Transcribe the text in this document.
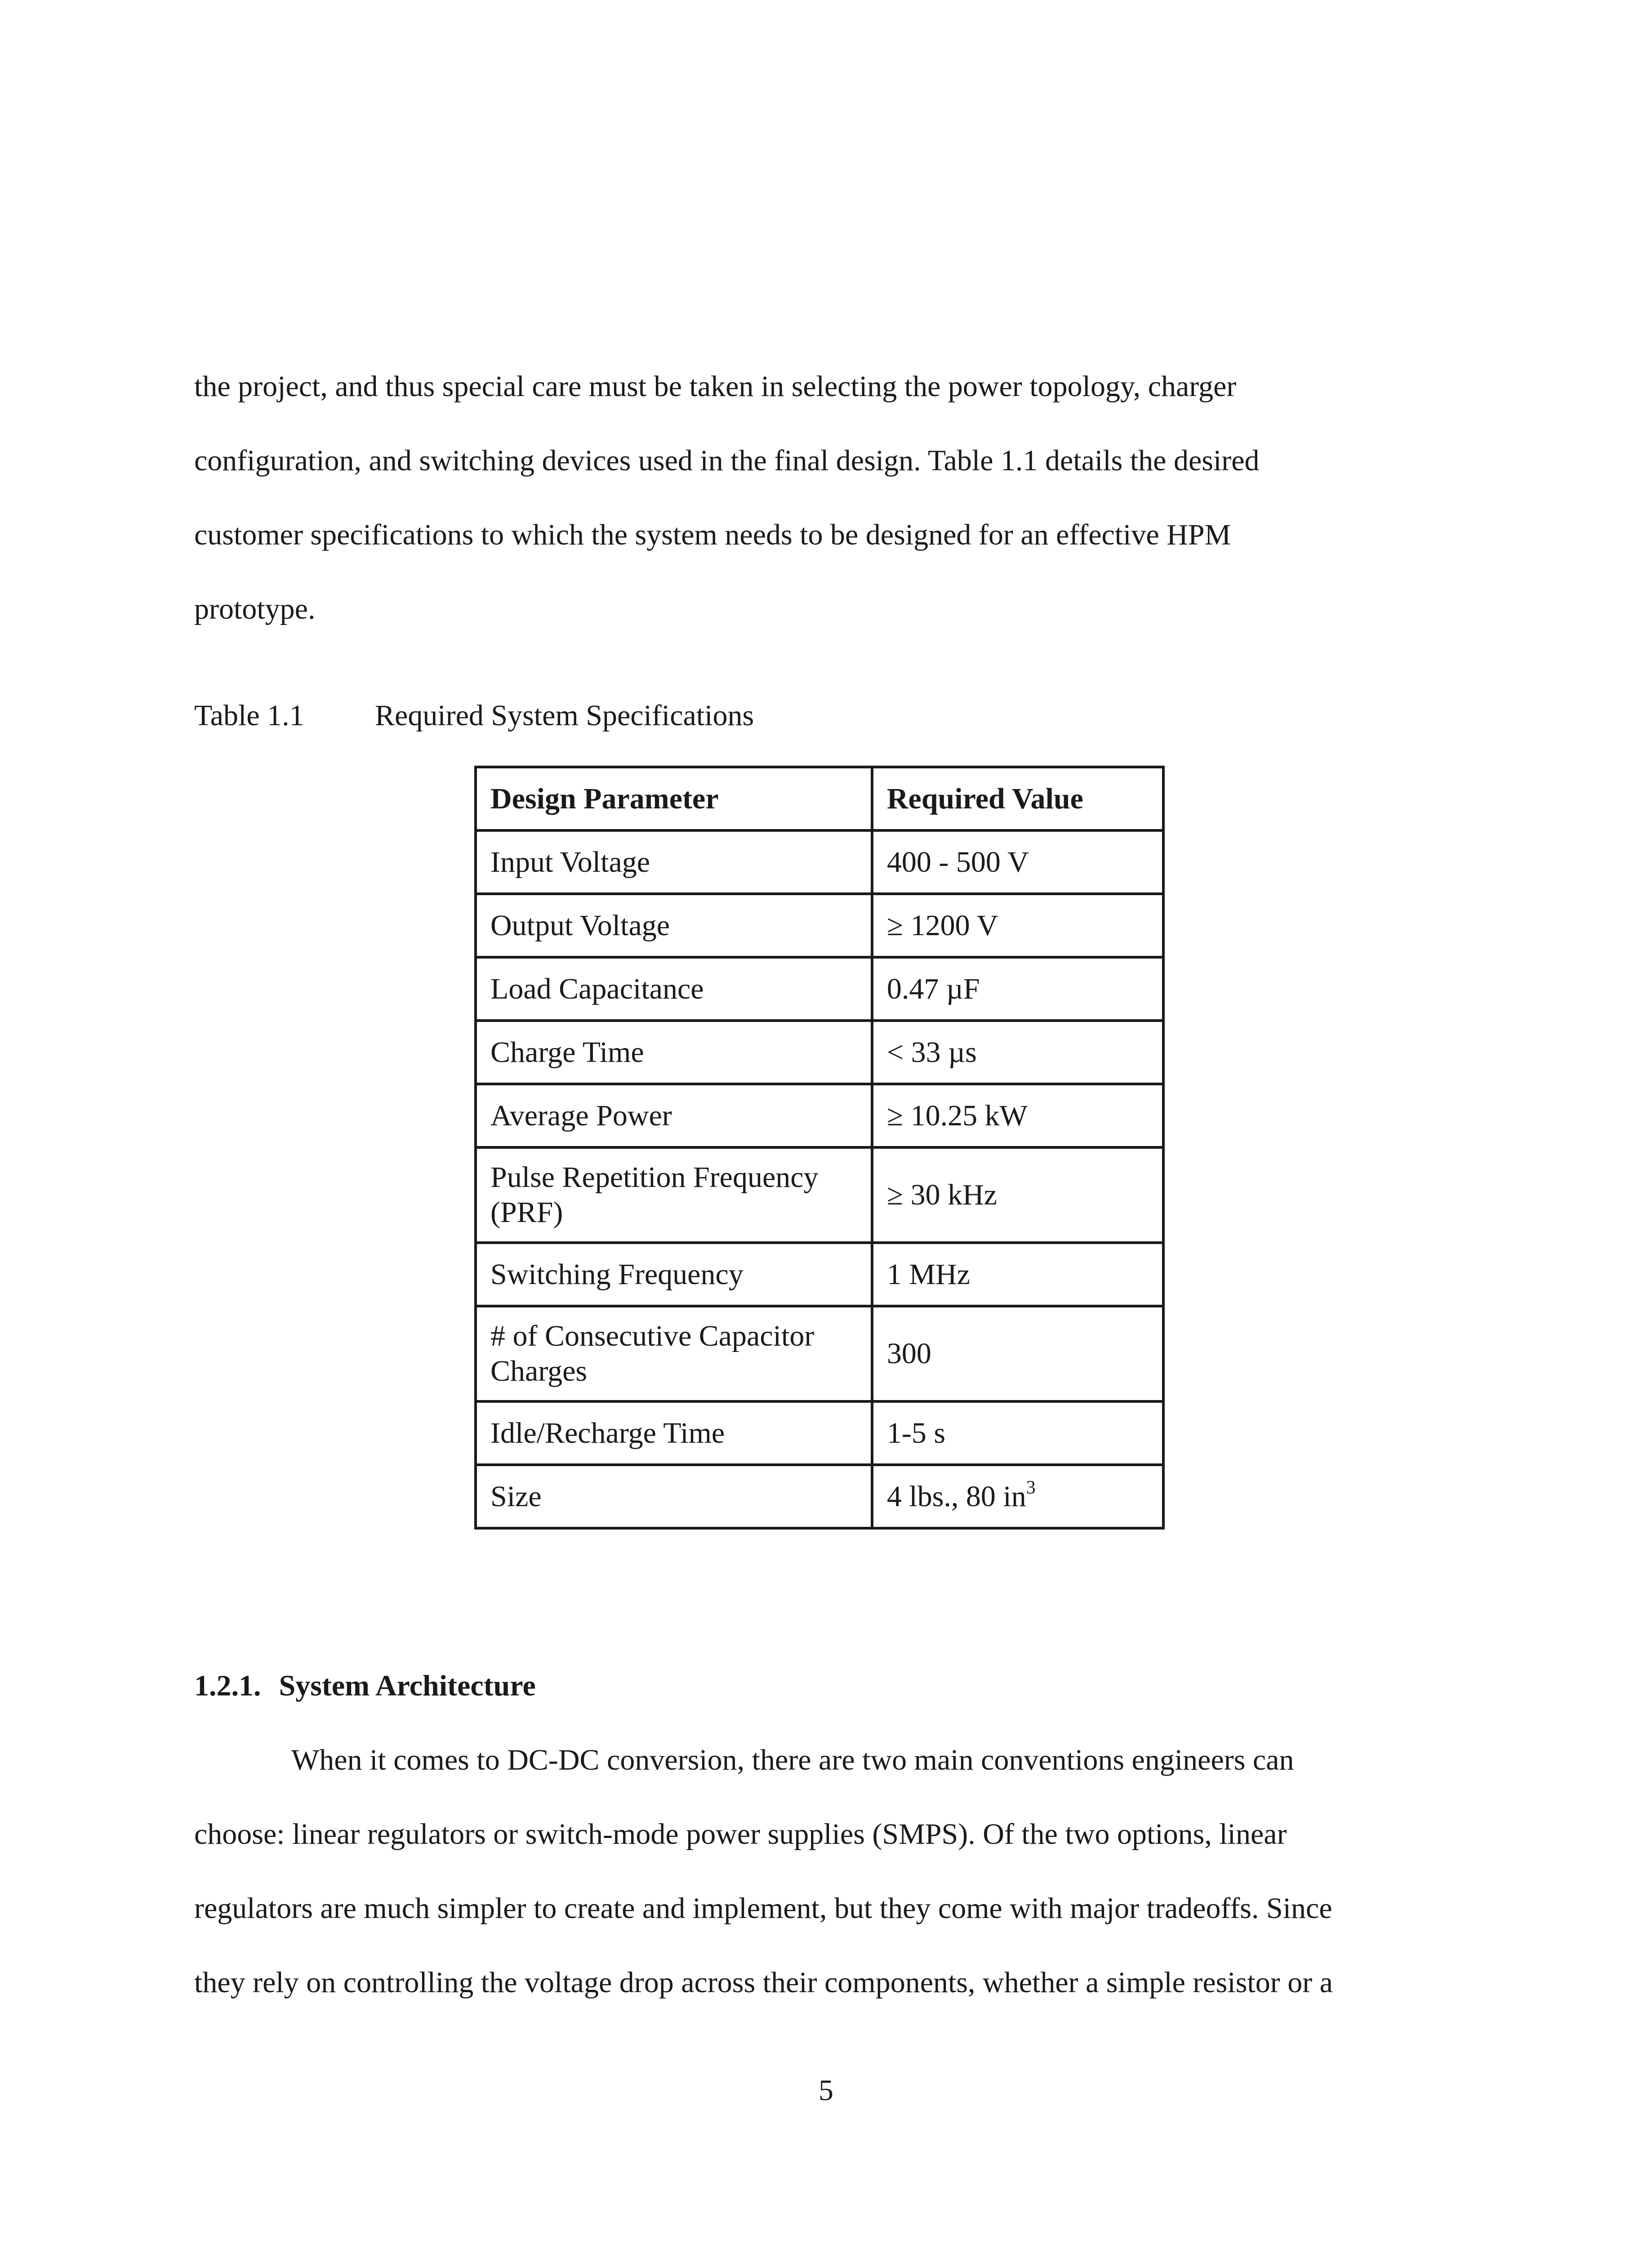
the project, and thus special care must be taken in selecting the power topology, charger
configuration, and switching devices used in the final design. Table 1.1 details the desired
customer specifications to which the system needs to be designed for an effective HPM
prototype.
Table 1.1 Required System Specifications
Design Parameter	Required Value
Input Voltage	400 - 500 V
Output Voltage	≥ 1200 V
Load Capacitance	0.47 µF
Charge Time	< 33 µs
Average Power	≥ 10.25 kW
Pulse Repetition Frequency
(PRF)	≥ 30 kHz
Switching Frequency	1 MHz
# of Consecutive Capacitor
Charges	300
Idle/Recharge Time	1-5 s
Size	4 lbs., 80 $in^3$
1.2.1. System Architecture
When it comes to DC-DC conversion, there are two main conventions engineers can
choose: linear regulators or switch-mode power supplies (SMPS). Of the two options, linear
regulators are much simpler to create and implement, but they come with major tradeoffs. Since
they rely on controlling the voltage drop across their components, whether a simple resistor or a
5
